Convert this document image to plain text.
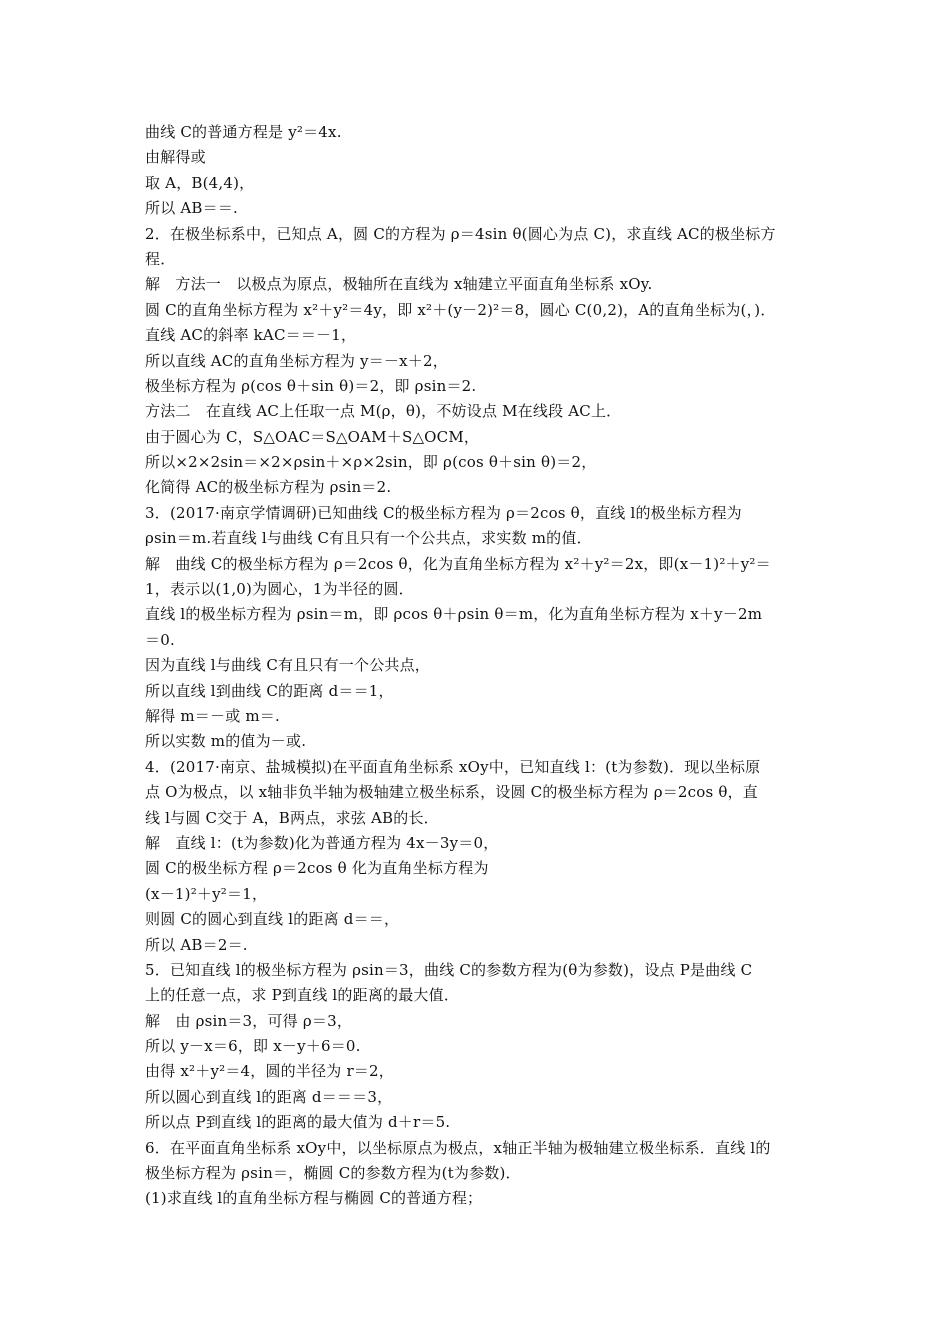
曲线 C的普通方程是 y²＝4x.
由解得或
取 A，B(4,4)，
所以 AB＝＝.
2．在极坐标系中，已知点 A，圆 C的方程为 ρ＝4sin θ(圆心为点 C)，求直线 AC的极坐标方
程．
解　方法一　以极点为原点，极轴所在直线为 x轴建立平面直角坐标系 xOy.
圆 C的直角坐标方程为 x²＋y²＝4y，即 x²＋(y－2)²＝8，圆心 C(0,2)，A的直角坐标为(，)．
直线 AC的斜率 kAC＝＝－1，
所以直线 AC的直角坐标方程为 y＝－x＋2，
极坐标方程为 ρ(cos θ＋sin θ)＝2，即 ρsin＝2.
方法二　在直线 AC上任取一点 M(ρ，θ)，不妨设点 M在线段 AC上．
由于圆心为 C，S△OAC＝S△OAM＋S△OCM，
所以×2×2sin＝×2×ρsin＋×ρ×2sin，即 ρ(cos θ＋sin θ)＝2，
化简得 AC的极坐标方程为 ρsin＝2.
3．(2017·南京学情调研)已知曲线 C的极坐标方程为 ρ＝2cos θ，直线 l的极坐标方程为
ρsin＝m.若直线 l与曲线 C有且只有一个公共点，求实数 m的值．
解　曲线 C的极坐标方程为 ρ＝2cos θ，化为直角坐标方程为 x²＋y²＝2x，即(x－1)²＋y²＝
1，表示以(1,0)为圆心，1为半径的圆．
直线 l的极坐标方程为 ρsin＝m，即 ρcos θ＋ρsin θ＝m，化为直角坐标方程为 x＋y－2m
＝0.
因为直线 l与曲线 C有且只有一个公共点，
所以直线 l到曲线 C的距离 d＝＝1，
解得 m＝－或 m＝.
所以实数 m的值为－或.
4．(2017·南京、盐城模拟)在平面直角坐标系 xOy中，已知直线 l：(t为参数)．现以坐标原
点 O为极点，以 x轴非负半轴为极轴建立极坐标系，设圆 C的极坐标方程为 ρ＝2cos θ，直
线 l与圆 C交于 A，B两点，求弦 AB的长．
解　直线 l：(t为参数)化为普通方程为 4x－3y＝0，
圆 C的极坐标方程 ρ＝2cos θ 化为直角坐标方程为
(x－1)²＋y²＝1，
则圆 C的圆心到直线 l的距离 d＝＝，
所以 AB＝2＝.
5．已知直线 l的极坐标方程为 ρsin＝3，曲线 C的参数方程为(θ为参数)，设点 P是曲线 C
上的任意一点，求 P到直线 l的距离的最大值．
解　由 ρsin＝3，可得 ρ＝3，
所以 y－x＝6，即 x－y＋6＝0.
由得 x²＋y²＝4，圆的半径为 r＝2，
所以圆心到直线 l的距离 d＝＝＝3，
所以点 P到直线 l的距离的最大值为 d＋r＝5.
6．在平面直角坐标系 xOy中，以坐标原点为极点，x轴正半轴为极轴建立极坐标系．直线 l的
极坐标方程为 ρsin＝，椭圆 C的参数方程为(t为参数)．
(1)求直线 l的直角坐标方程与椭圆 C的普通方程；
